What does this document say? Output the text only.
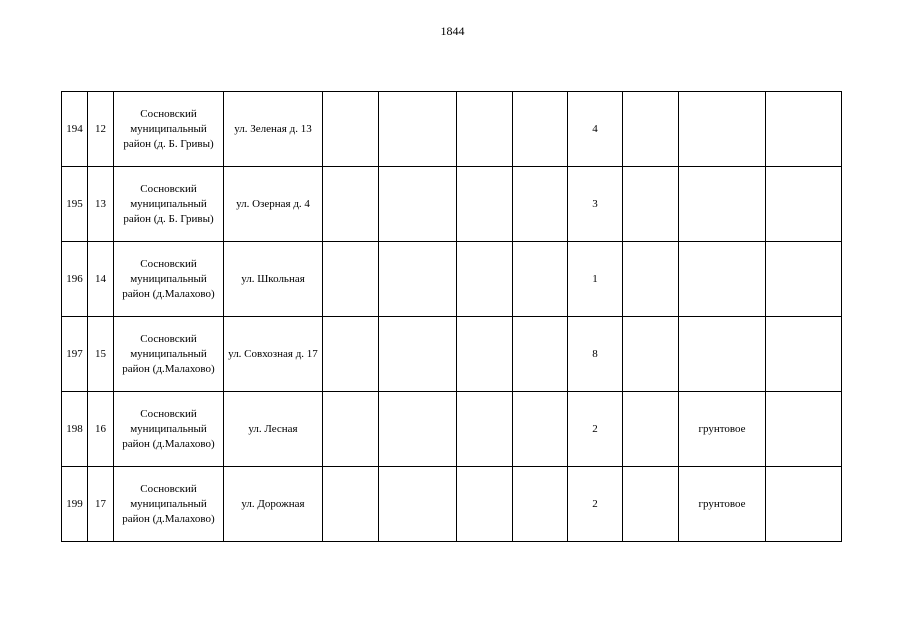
1844
194	12	Сосновский муниципальный район (д. Б. Гривы)	ул. Зеленая д. 13					4			
195	13	Сосновский муниципальный район (д. Б. Гривы)	ул. Озерная д. 4					3			
196	14	Сосновский муниципальный район (д.Малахово)	ул. Школьная					1			
197	15	Сосновский муниципальный район (д.Малахово)	ул. Совхозная д. 17					8			
198	16	Сосновский муниципальный район (д.Малахово)	ул. Лесная					2		грунтовое	
199	17	Сосновский муниципальный район (д.Малахово)	ул. Дорожная					2		грунтовое	
